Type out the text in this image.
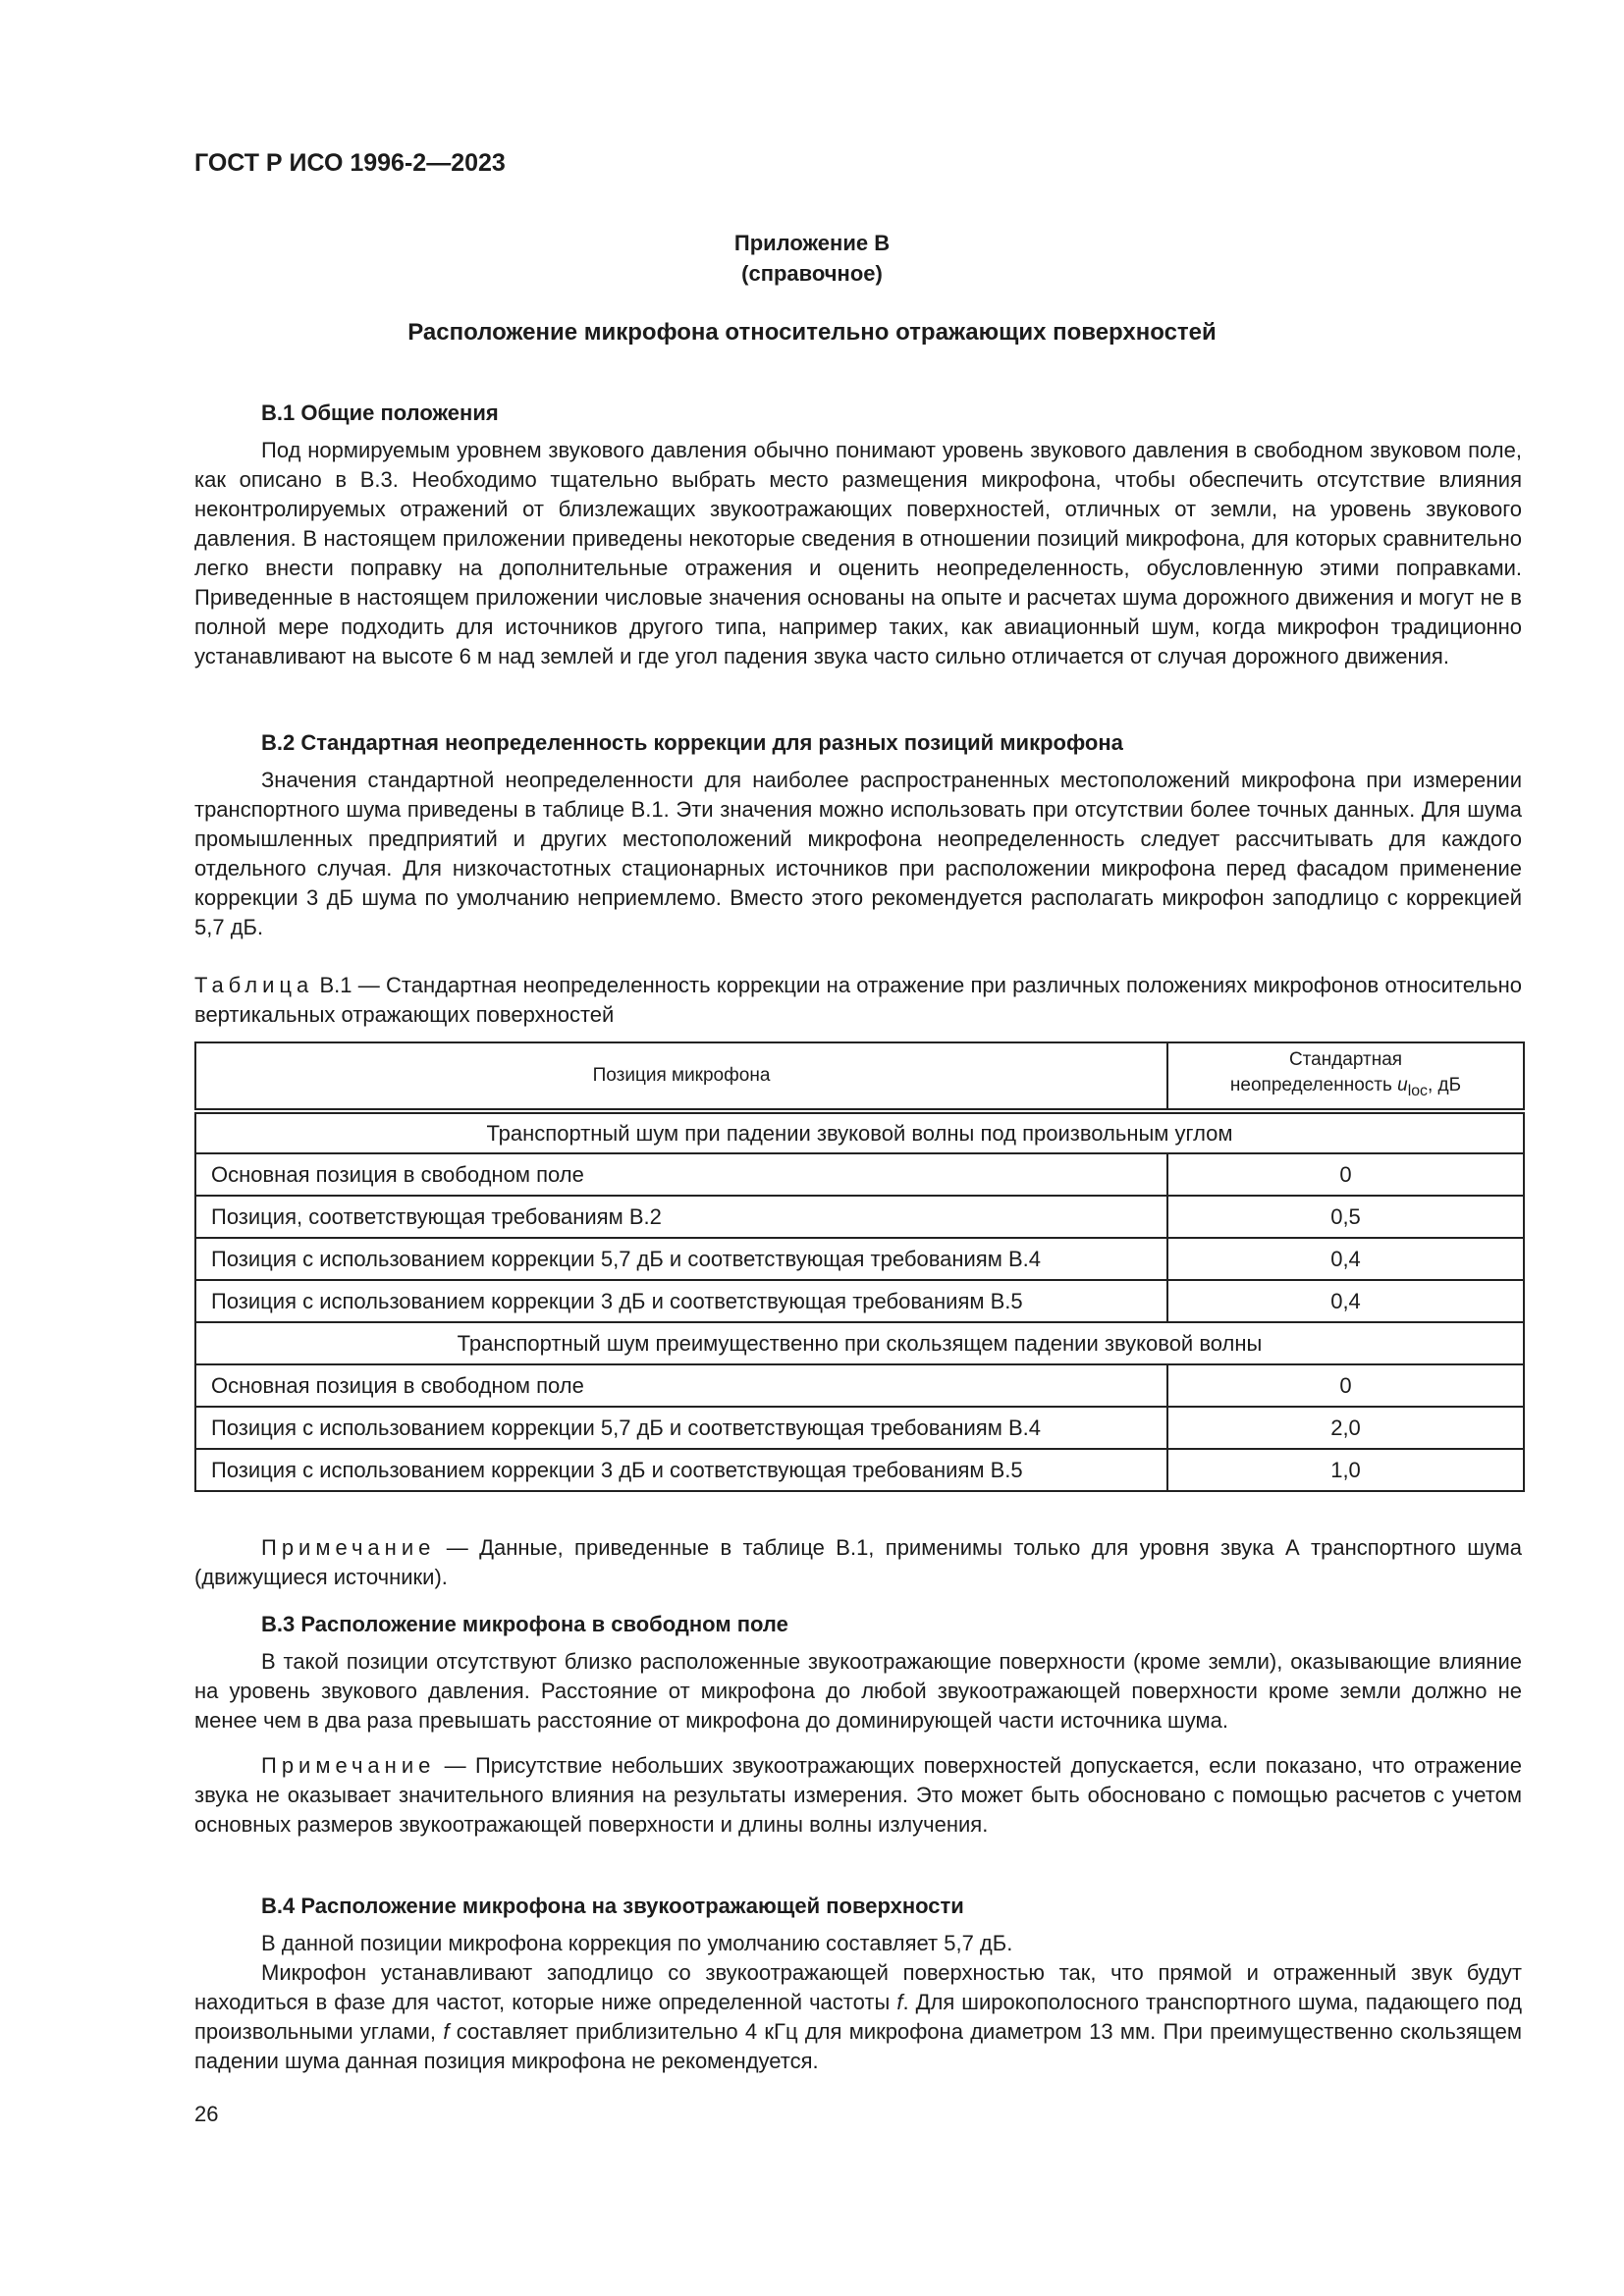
ГОСТ Р ИСО 1996-2—2023
Приложение В
(справочное)
Расположение микрофона относительно отражающих поверхностей

В.1 Общие положения

Под нормируемым уровнем звукового давления обычно понимают уровень звукового давления в свободном звуковом поле, как описано в В.3. Необходимо тщательно выбрать место размещения микрофона, чтобы обеспечить отсутствие влияния неконтролируемых отражений от близлежащих звукоотражающих поверхностей, отличных от земли, на уровень звукового давления. В настоящем приложении приведены некоторые сведения в отношении позиций микрофона, для которых сравнительно легко внести поправку на дополнительные отражения и оценить неопределенность, обусловленную этими поправками. Приведенные в настоящем приложении числовые значения основаны на опыте и расчетах шума дорожного движения и могут не в полной мере подходить для источников другого типа, например таких, как авиационный шум, когда микрофон традиционно устанавливают на высоте 6 м над землей и где угол падения звука часто сильно отличается от случая дорожного движения.

В.2 Стандартная неопределенность коррекции для разных позиций микрофона

Значения стандартной неопределенности для наиболее распространенных местоположений микрофона при измерении транспортного шума приведены в таблице В.1. Эти значения можно использовать при отсутствии более точных данных. Для шума промышленных предприятий и других местоположений микрофона неопределенность следует рассчитывать для каждого отдельного случая. Для низкочастотных стационарных источников при расположении микрофона перед фасадом применение коррекции 3 дБ шума по умолчанию неприемлемо. Вместо этого рекомендуется располагать микрофон заподлицо с коррекцией 5,7 дБ.

Таблица В.1 — Стандартная неопределенность коррекции на отражение при различных положениях микрофонов относительно вертикальных отражающих поверхностей

Позиция микрофона	Стандартная
неопределенность $u_{loc}$, дБ

Транспортный шум при падении звуковой волны под произвольным углом	
Основная позиция в свободном поле	0
Позиция, соответствующая требованиям В.2	0,5
Позиция с использованием коррекции 5,7 дБ и соответствующая требованиям В.4	0,4
Позиция с использованием коррекции 3 дБ и соответствующая требованиям В.5	0,4
Транспортный шум преимущественно при скользящем падении звуковой волны	
Основная позиция в свободном поле	0
Позиция с использованием коррекции 5,7 дБ и соответствующая требованиям В.4	2,0
Позиция с использованием коррекции 3 дБ и соответствующая требованиям В.5	1,0

Примечание — Данные, приведенные в таблице В.1, применимы только для уровня звука А транспортного шума (движущиеся источники).

В.3 Расположение микрофона в свободном поле

В такой позиции отсутствуют близко расположенные звукоотражающие поверхности (кроме земли), оказывающие влияние на уровень звукового давления. Расстояние от микрофона до любой звукоотражающей поверхности кроме земли должно не менее чем в два раза превышать расстояние от микрофона до доминирующей части источника шума.

Примечание — Присутствие небольших звукоотражающих поверхностей допускается, если показано, что отражение звука не оказывает значительного влияния на результаты измерения. Это может быть обосновано с помощью расчетов с учетом основных размеров звукоотражающей поверхности и длины волны излучения.

В.4 Расположение микрофона на звукоотражающей поверхности

В данной позиции микрофона коррекция по умолчанию составляет 5,7 дБ.

Микрофон устанавливают заподлицо со звукоотражающей поверхностью так, что прямой и отраженный звук будут находиться в фазе для частот, которые ниже определенной частоты f. Для широкополосного транспортного шума, падающего под произвольными углами, f составляет приблизительно 4 кГц для микрофона диаметром 13 мм. При преимущественно скользящем падении шума данная позиция микрофона не рекомендуется.

26
